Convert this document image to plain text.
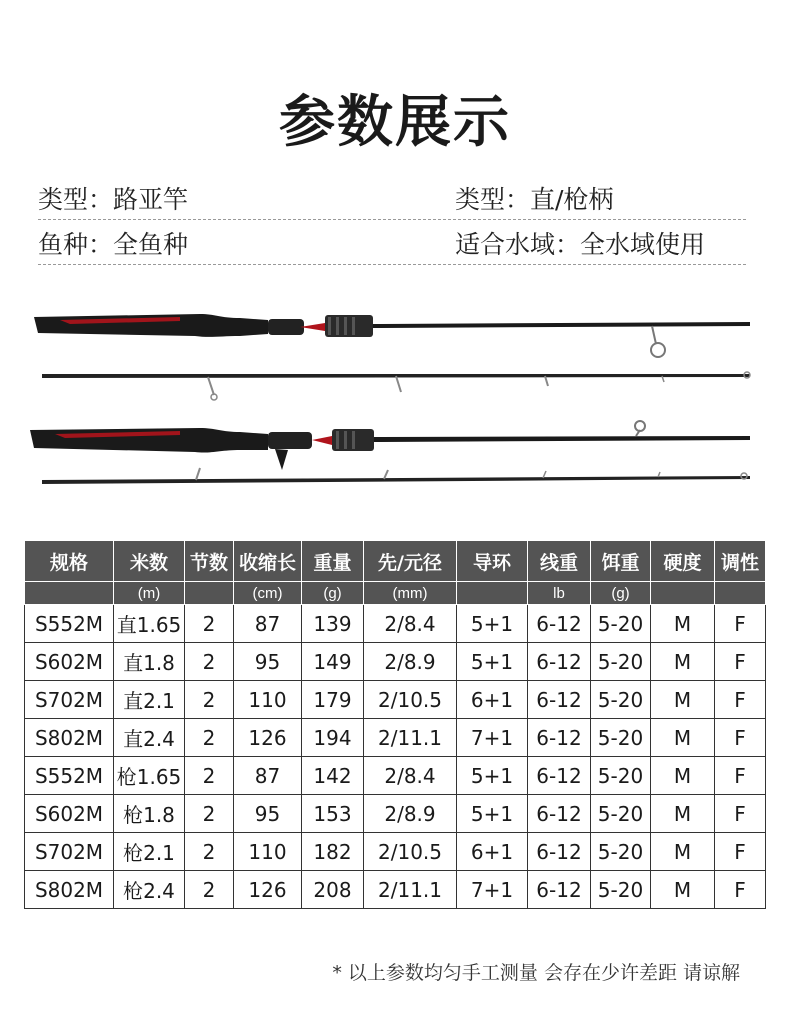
参数展示
类型：路亚竿	类型：直/枪柄
鱼种：全鱼种	适合水域：全水域使用
规格	米数	节数	收缩长	重量	先/元径	导环	线重	饵重	硬度	调性
	(m)		(cm)	(g)	(mm)		lb	(g)		
S552M	直1.65	2	87	139	2/8.4	5+1	6-12	5-20	M	F
S602M	直1.8	2	95	149	2/8.9	5+1	6-12	5-20	M	F
S702M	直2.1	2	110	179	2/10.5	6+1	6-12	5-20	M	F
S802M	直2.4	2	126	194	2/11.1	7+1	6-12	5-20	M	F
S552M	枪1.65	2	87	142	2/8.4	5+1	6-12	5-20	M	F
S602M	枪1.8	2	95	153	2/8.9	5+1	6-12	5-20	M	F
S702M	枪2.1	2	110	182	2/10.5	6+1	6-12	5-20	M	F
S802M	枪2.4	2	126	208	2/11.1	7+1	6-12	5-20	M	F
* 以上参数均匀手工测量 会存在少许差距 请谅解
